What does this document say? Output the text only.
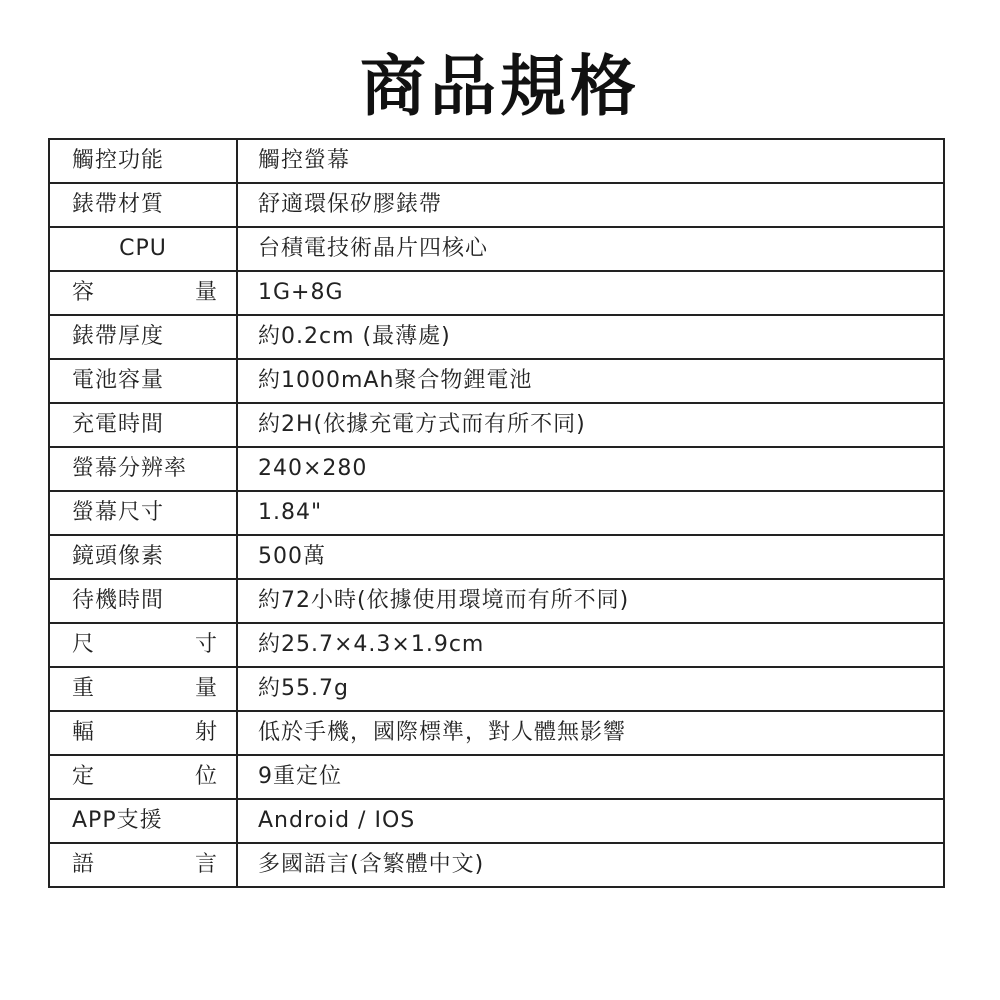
商品規格
觸控功能	觸控螢幕
錶帶材質	舒適環保矽膠錶帶
CPU	台積電技術晶片四核心
容量	1G+8G
錶帶厚度	約0.2cm (最薄處)
電池容量	約1000mAh聚合物鋰電池
充電時間	約2H(依據充電方式而有所不同)
螢幕分辨率	240×280
螢幕尺寸	1.84"
鏡頭像素	500萬
待機時間	約72小時(依據使用環境而有所不同)
尺寸	約25.7×4.3×1.9cm
重量	約55.7g
輻射	低於手機，國際標準，對人體無影響
定位	9重定位
APP支援	Android / IOS
語言	多國語言(含繁體中文)
